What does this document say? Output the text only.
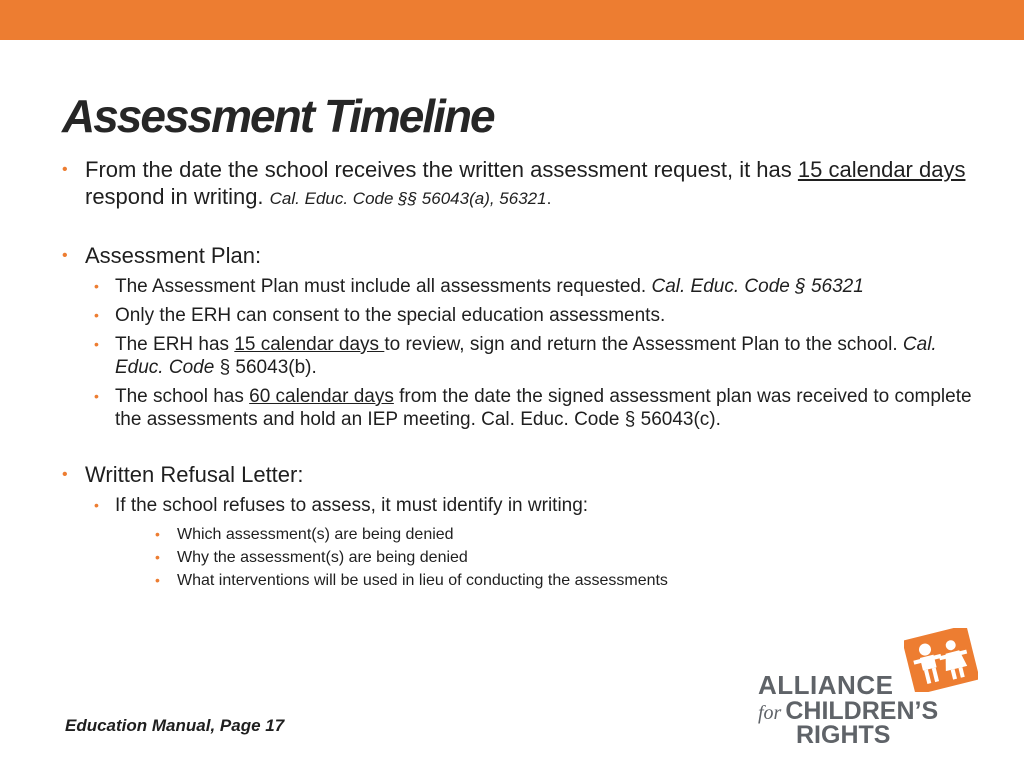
Assessment Timeline

• From the date the school receives the written assessment request, it has 15 calendar days respond in writing. Cal. Educ. Code §§ 56043(a), 56321.

• Assessment Plan:

• The Assessment Plan must include all assessments requested. Cal. Educ. Code § 56321

• Only the ERH can consent to the special education assessments.

• The ERH has 15 calendar days to review, sign and return the Assessment Plan to the school. Cal. Educ. Code § 56043(b).

• The school has 60 calendar days from the date the signed assessment plan was received to complete the assessments and hold an IEP meeting. Cal. Educ. Code § 56043(c).

• Written Refusal Letter:

• If the school refuses to assess, it must identify in writing:

• Which assessment(s) are being denied

• Why the assessment(s) are being denied

• What interventions will be used in lieu of conducting the assessments

Education Manual, Page 17
ALLIANCE
for CHILDREN’S
RIGHTS
